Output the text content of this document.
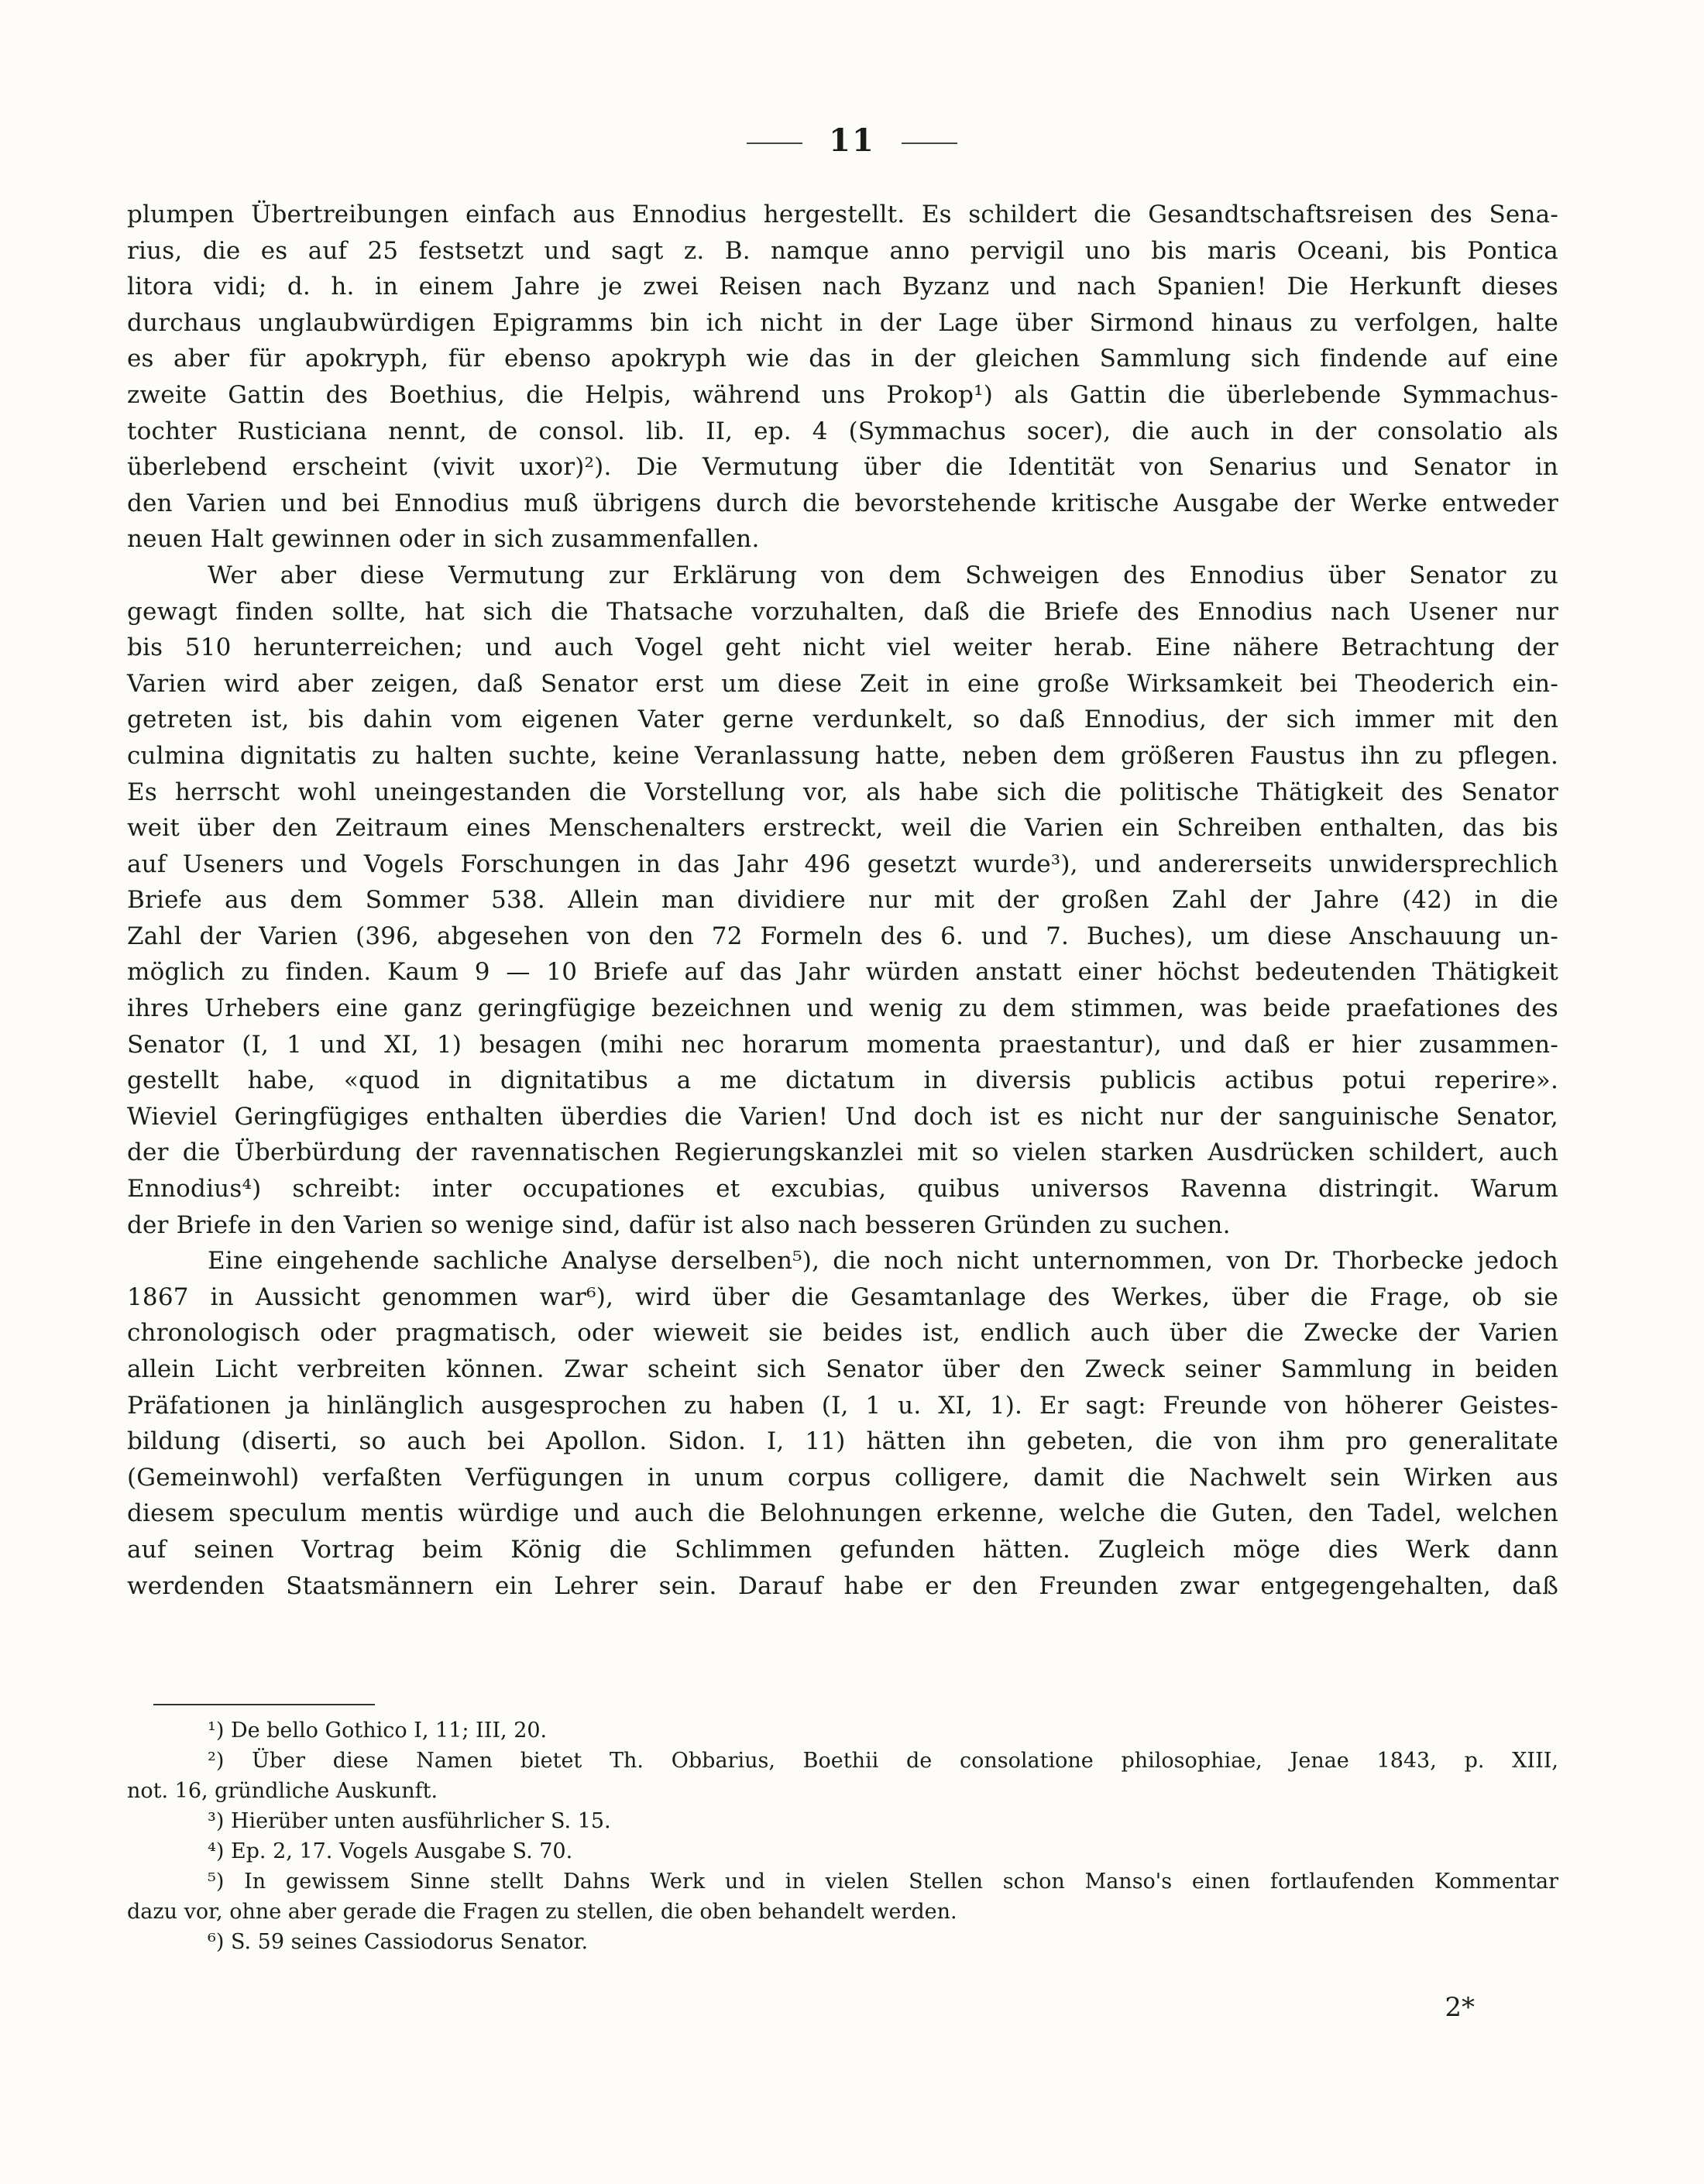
11
plumpen Übertreibungen einfach aus Ennodius hergestellt. Es schildert die Gesandtschaftsreisen des Sena-
rius, die es auf 25 festsetzt und sagt z. B. namque anno pervigil uno bis maris Oceani, bis Pontica
litora vidi; d. h. in einem Jahre je zwei Reisen nach Byzanz und nach Spanien! Die Herkunft dieses
durchaus unglaubwürdigen Epigramms bin ich nicht in der Lage über Sirmond hinaus zu verfolgen, halte
es aber für apokryph, für ebenso apokryph wie das in der gleichen Sammlung sich findende auf eine
zweite Gattin des Boethius, die Helpis, während uns Prokop¹) als Gattin die überlebende Symmachus-
tochter Rusticiana nennt, de consol. lib. II, ep. 4 (Symmachus socer), die auch in der consolatio als
überlebend erscheint (vivit uxor)²). Die Vermutung über die Identität von Senarius und Senator in
den Varien und bei Ennodius muß übrigens durch die bevorstehende kritische Ausgabe der Werke entweder
neuen Halt gewinnen oder in sich zusammenfallen.
Wer aber diese Vermutung zur Erklärung von dem Schweigen des Ennodius über Senator zu
gewagt finden sollte, hat sich die Thatsache vorzuhalten, daß die Briefe des Ennodius nach Usener nur
bis 510 herunterreichen; und auch Vogel geht nicht viel weiter herab. Eine nähere Betrachtung der
Varien wird aber zeigen, daß Senator erst um diese Zeit in eine große Wirksamkeit bei Theoderich ein-
getreten ist, bis dahin vom eigenen Vater gerne verdunkelt, so daß Ennodius, der sich immer mit den
culmina dignitatis zu halten suchte, keine Veranlassung hatte, neben dem größeren Faustus ihn zu pflegen.
Es herrscht wohl uneingestanden die Vorstellung vor, als habe sich die politische Thätigkeit des Senator
weit über den Zeitraum eines Menschenalters erstreckt, weil die Varien ein Schreiben enthalten, das bis
auf Useners und Vogels Forschungen in das Jahr 496 gesetzt wurde³), und andererseits unwidersprechlich
Briefe aus dem Sommer 538. Allein man dividiere nur mit der großen Zahl der Jahre (42) in die
Zahl der Varien (396, abgesehen von den 72 Formeln des 6. und 7. Buches), um diese Anschauung un-
möglich zu finden. Kaum 9 — 10 Briefe auf das Jahr würden anstatt einer höchst bedeutenden Thätigkeit
ihres Urhebers eine ganz geringfügige bezeichnen und wenig zu dem stimmen, was beide praefationes des
Senator (I, 1 und XI, 1) besagen (mihi nec horarum momenta praestantur), und daß er hier zusammen-
gestellt habe, «quod in dignitatibus a me dictatum in diversis publicis actibus potui reperire».
Wieviel Geringfügiges enthalten überdies die Varien! Und doch ist es nicht nur der sanguinische Senator,
der die Überbürdung der ravennatischen Regierungskanzlei mit so vielen starken Ausdrücken schildert, auch
Ennodius⁴) schreibt: inter occupationes et excubias, quibus universos Ravenna distringit. Warum
der Briefe in den Varien so wenige sind, dafür ist also nach besseren Gründen zu suchen.
Eine eingehende sachliche Analyse derselben⁵), die noch nicht unternommen, von Dr. Thorbecke jedoch
1867 in Aussicht genommen war⁶), wird über die Gesamtanlage des Werkes, über die Frage, ob sie
chronologisch oder pragmatisch, oder wieweit sie beides ist, endlich auch über die Zwecke der Varien
allein Licht verbreiten können. Zwar scheint sich Senator über den Zweck seiner Sammlung in beiden
Präfationen ja hinlänglich ausgesprochen zu haben (I, 1 u. XI, 1). Er sagt: Freunde von höherer Geistes-
bildung (diserti, so auch bei Apollon. Sidon. I, 11) hätten ihn gebeten, die von ihm pro generalitate
(Gemeinwohl) verfaßten Verfügungen in unum corpus colligere, damit die Nachwelt sein Wirken aus
diesem speculum mentis würdige und auch die Belohnungen erkenne, welche die Guten, den Tadel, welchen
auf seinen Vortrag beim König die Schlimmen gefunden hätten. Zugleich möge dies Werk dann
werdenden Staatsmännern ein Lehrer sein. Darauf habe er den Freunden zwar entgegengehalten, daß
¹) De bello Gothico I, 11; III, 20.
²) Über diese Namen bietet Th. Obbarius, Boethii de consolatione philosophiae, Jenae 1843, p. XIII,
not. 16, gründliche Auskunft.
³) Hierüber unten ausführlicher S. 15.
⁴) Ep. 2, 17. Vogels Ausgabe S. 70.
⁵) In gewissem Sinne stellt Dahns Werk und in vielen Stellen schon Manso's einen fortlaufenden Kommentar
dazu vor, ohne aber gerade die Fragen zu stellen, die oben behandelt werden.
⁶) S. 59 seines Cassiodorus Senator.
2*
